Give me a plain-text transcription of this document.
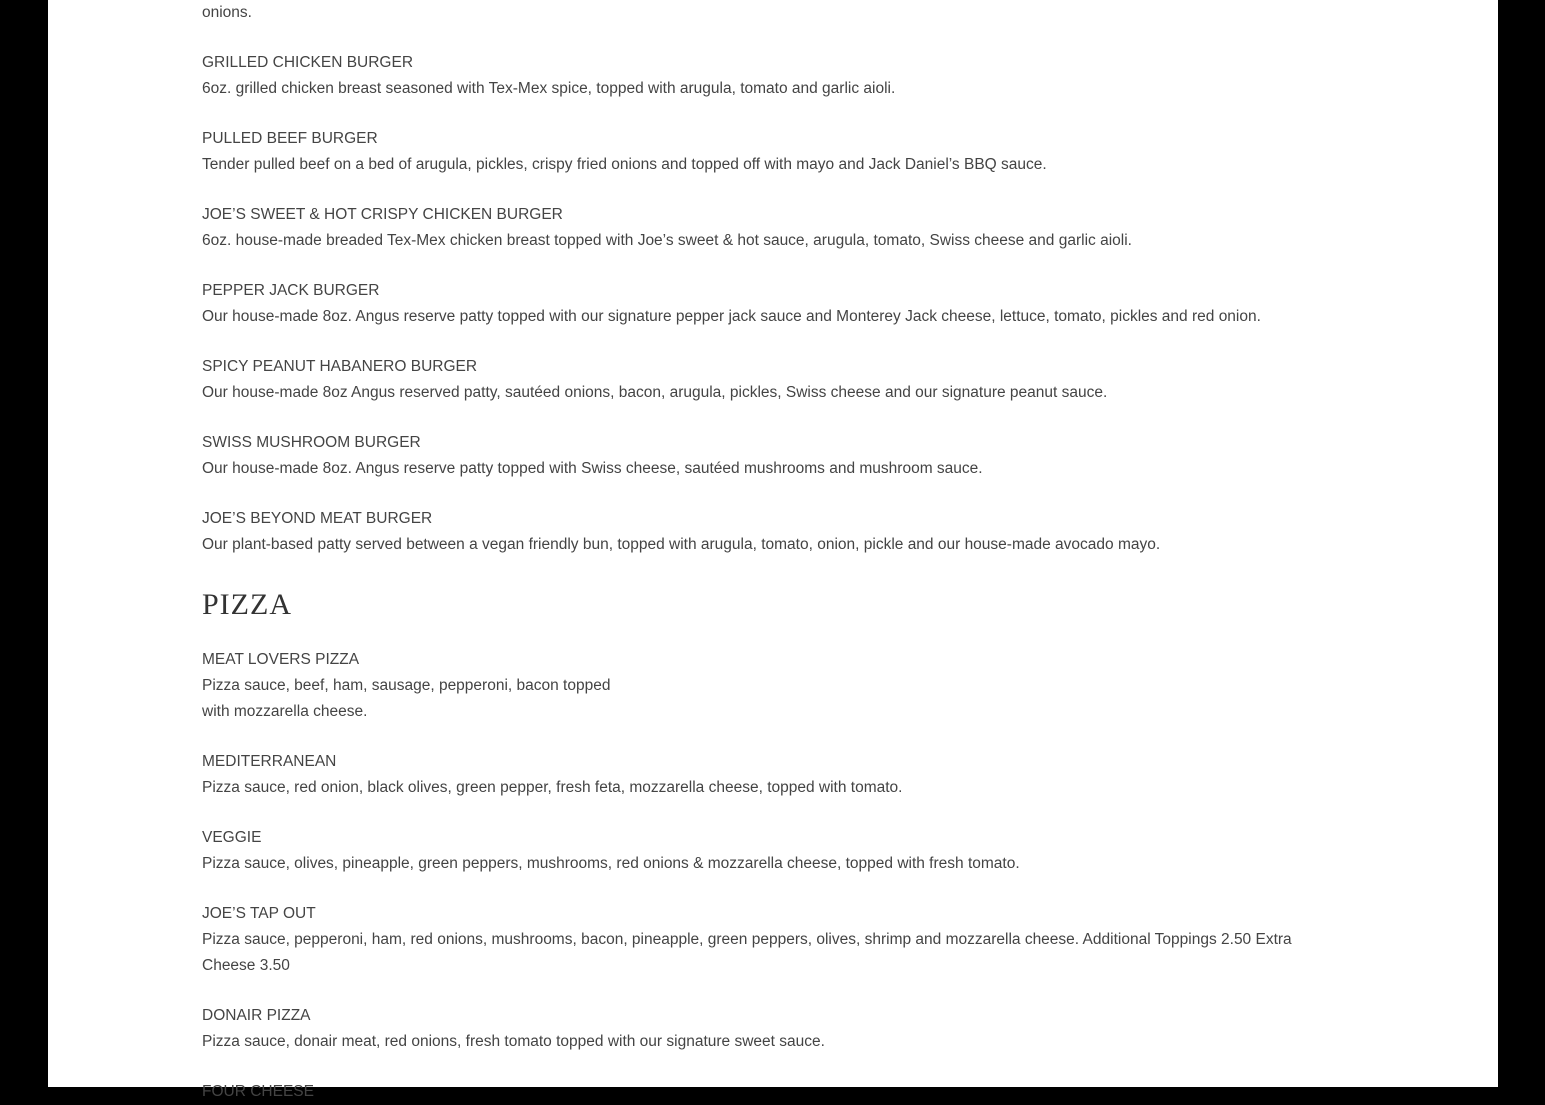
onions.

GRILLED CHICKEN BURGER

6oz. grilled chicken breast seasoned with Tex-Mex spice, topped with arugula, tomato and garlic aioli.

PULLED BEEF BURGER

Tender pulled beef on a bed of arugula, pickles, crispy fried onions and topped off with mayo and Jack Daniel’s BBQ sauce.

JOE’S SWEET & HOT CRISPY CHICKEN BURGER

6oz. house-made breaded Tex-Mex chicken breast topped with Joe’s sweet & hot sauce, arugula, tomato, Swiss cheese and garlic aioli.

PEPPER JACK BURGER

Our house-made 8oz. Angus reserve patty topped with our signature pepper jack sauce and Monterey Jack cheese, lettuce, tomato, pickles and red onion.

SPICY PEANUT HABANERO BURGER

Our house-made 8oz Angus reserved patty, sautéed onions, bacon, arugula, pickles, Swiss cheese and our signature peanut sauce.

SWISS MUSHROOM BURGER

Our house-made 8oz. Angus reserve patty topped with Swiss cheese, sautéed mushrooms and mushroom sauce.

JOE’S BEYOND MEAT BURGER

Our plant-based patty served between a vegan friendly bun, topped with arugula, tomato, onion, pickle and our house-made avocado mayo.

PIZZA

MEAT LOVERS PIZZA

Pizza sauce, beef, ham, sausage, pepperoni, bacon topped with mozzarella cheese.

MEDITERRANEAN

Pizza sauce, red onion, black olives, green pepper, fresh feta, mozzarella cheese, topped with tomato.

VEGGIE

Pizza sauce, olives, pineapple, green peppers, mushrooms, red onions & mozzarella cheese, topped with fresh tomato.

JOE’S TAP OUT

Pizza sauce, pepperoni, ham, red onions, mushrooms, bacon, pineapple, green peppers, olives, shrimp and mozzarella cheese. Additional Toppings 2.50 Extra Cheese 3.50

DONAIR PIZZA

Pizza sauce, donair meat, red onions, fresh tomato topped with our signature sweet sauce.

FOUR CHEESE
